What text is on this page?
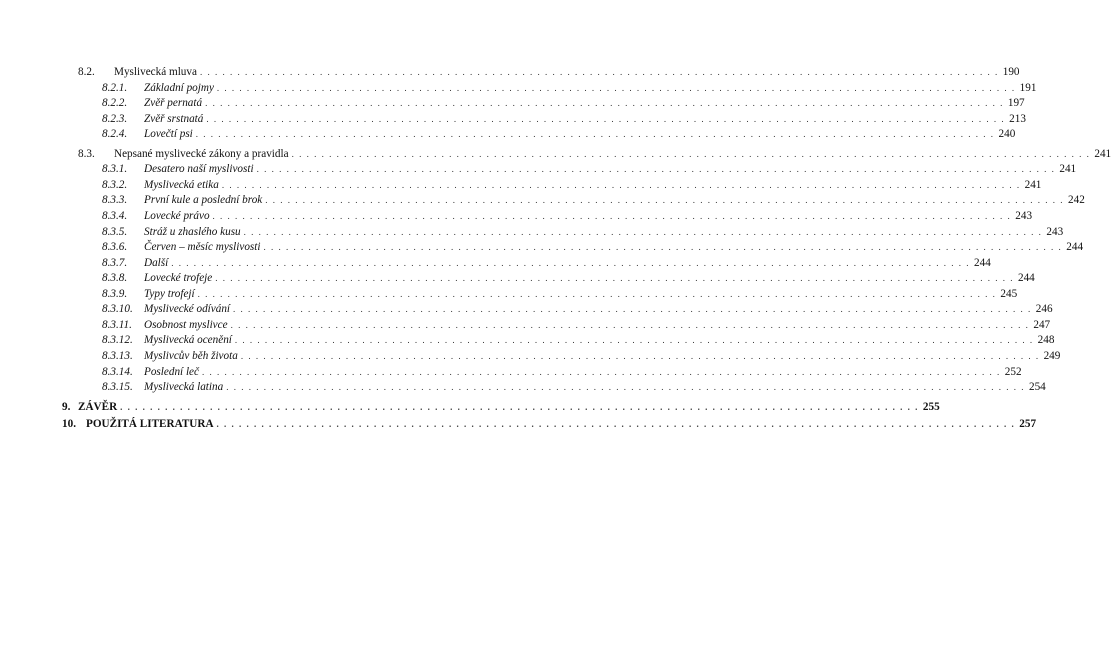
8.2.	Myslivecká mluva . . .	190
8.2.1.	Základní pojmy . . .	191
8.2.2.	Zvěř pernatá . . .	197
8.2.3.	Zvěř srstnatá . . .	213
8.2.4.	Lovečtí psi . . .	240
8.3.	Nepsané myslivecké zákony a pravidla . . .	241
8.3.1.	Desatero naší myslivosti . . .	241
8.3.2.	Myslivecká etika . . .	241
8.3.3.	První kule a poslední brok . . .	242
8.3.4.	Lovecké právo . . .	243
8.3.5.	Stráž u zhaslého kusu . . .	243
8.3.6.	Červen – měsíc myslivosti . . .	244
8.3.7.	Další . . .	244
8.3.8.	Lovecké trofeje . . .	244
8.3.9.	Typy trofejí . . .	245
8.3.10.	Myslivecké odívání . . .	246
8.3.11.	Osobnost myslivce . . .	247
8.3.12.	Myslivecká ocenění . . .	248
8.3.13.	Myslivcův běh života . . .	249
8.3.14.	Poslední leč . . .	252
8.3.15.	Myslivecká latina . . .	254
9. ZÁVĚR . . .	255
10. POUŽITÁ LITERATURA . . .	257
